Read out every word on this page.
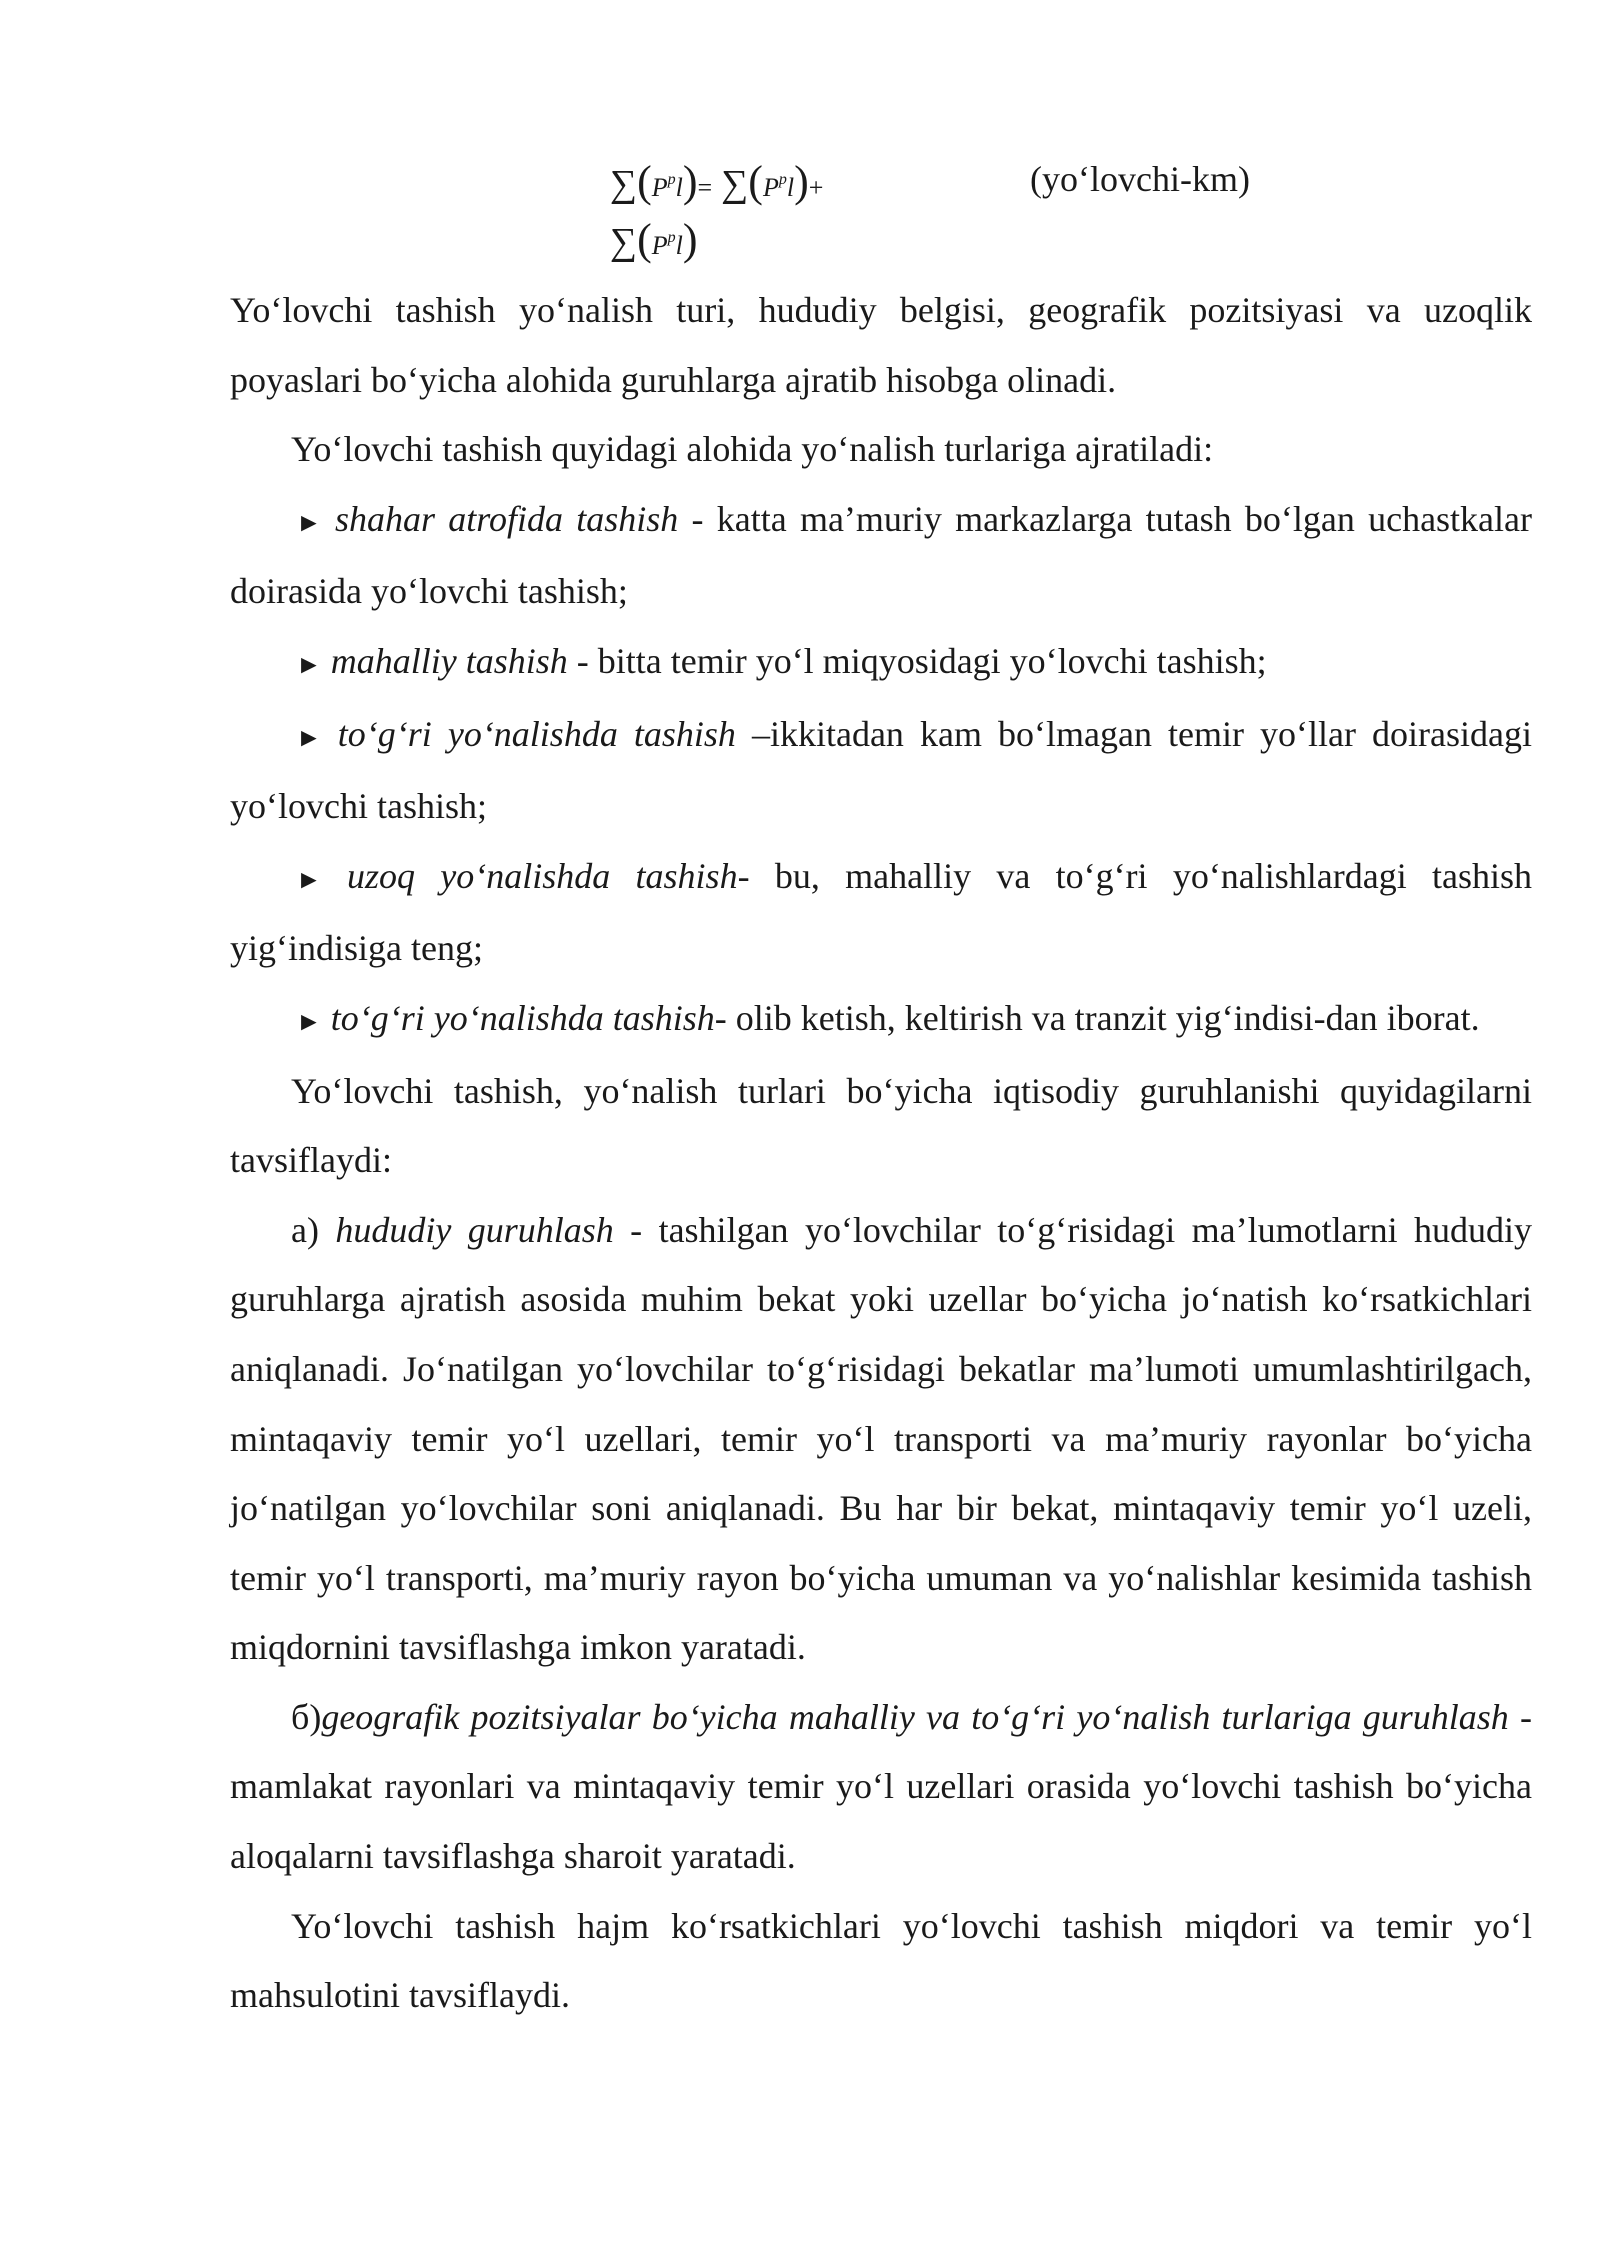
$\sum(P^pl)= \sum(P^pl)+$	(yo‘lovchi-km)
$\sum(P^pl)$

Yo‘lovchi tashish yo‘nalish turi, hududiy belgisi, geografik pozitsiyasi va uzoqlik poyaslari bo‘yicha alohida guruhlarga ajratib hisobga olinadi.

Yo‘lovchi tashish quyidagi alohida yo‘nalish turlariga ajratiladi:

► shahar atrofida tashish - katta ma’muriy markazlarga tutash bo‘lgan uchastkalar doirasida yo‘lovchi tashish;

► mahalliy tashish - bitta temir yo‘l miqyosidagi yo‘lovchi tashish;

► to‘g‘ri yo‘nalishda tashish –ikkitadan kam bo‘lmagan temir yo‘llar doirasidagi yo‘lovchi tashish;

► uzoq yo‘nalishda tashish- bu, mahalliy va to‘g‘ri yo‘nalishlardagi tashish yig‘indisiga teng;

► to‘g‘ri yo‘nalishda tashish- olib ketish, keltirish va tranzit yig‘indisi-dan iborat.

Yo‘lovchi tashish, yo‘nalish turlari bo‘yicha iqtisodiy guruhlanishi quyidagilarni tavsiflaydi:

a) hududiy guruhlash - tashilgan yo‘lovchilar to‘g‘risidagi ma’lumotlarni hududiy guruhlarga ajratish asosida muhim bekat yoki uzellar bo‘yicha jo‘natish ko‘rsatkichlari aniqlanadi. Jo‘natilgan yo‘lovchilar to‘g‘risidagi bekatlar ma’lumoti umumlashtirilgach, mintaqaviy temir yo‘l uzellari, temir yo‘l transporti va ma’muriy rayonlar bo‘yicha jo‘natilgan yo‘lovchilar soni aniqlanadi. Bu har bir bekat, mintaqaviy temir yo‘l uzeli, temir yo‘l transporti, ma’muriy rayon bo‘yicha umuman va yo‘nalishlar kesimida tashish miqdornini tavsiflashga imkon yaratadi.

б)geografik pozitsiyalar bo‘yicha mahalliy va to‘g‘ri yo‘nalish turlariga guruhlash - mamlakat rayonlari va mintaqaviy temir yo‘l uzellari orasida yo‘lovchi tashish bo‘yicha aloqalarni tavsiflashga sharoit yaratadi.

Yo‘lovchi tashish hajm ko‘rsatkichlari yo‘lovchi tashish miqdori va temir yo‘l mahsulotini tavsiflaydi.
